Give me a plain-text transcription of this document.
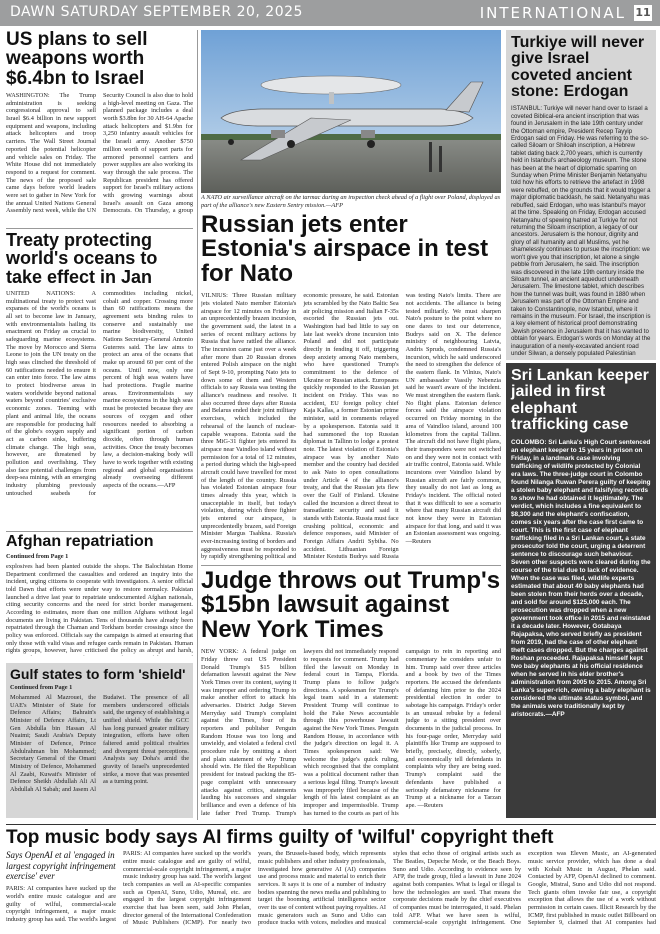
DAWN SATURDAY SEPTEMBER 20, 2025	INTERNATIONAL 11
US plans to sell weapons worth $6.4bn to Israel
WASHINGTON: The Trump administration is seeking congressional approval to sell Israel $6.4 billion in new support equipment and weapons, including attack helicopters and troop carriers. The Wall Street Journal reported the potential helicopter and vehicle sales on Friday. The White House did not immediately respond to a request for comment. The news of the proposed sale came days before world leaders were set to gather in New York for the annual United Nations General Assembly next week, while the UN Security Council is also due to hold a high-level meeting on Gaza. The planned package includes a deal worth $3.8bn for 30 AH-64 Apache attack helicopters and $1.9bn for 3,250 infantry assault vehicles for the Israeli army. Another $750 million worth of support parts for armored personnel carriers and power supplies are also working its way through the sale process. The Republican president has offered support for Israel's military actions with growing warnings about Israel's assault on Gaza among Democrats. On Thursday, a group
Treaty protecting world's oceans to take effect in Jan
UNITED NATIONS: A multinational treaty to protect vast expanses of the world's oceans is all set to become law in January, with environmentalists hailing its enactment on Friday as crucial to safeguarding marine ecosystems. The move by Morocco and Sierra Leone to join the UN treaty on the high seas clinched the threshold of 60 ratifications needed to ensure it can enter into force. The law aims to protect biodiverse areas in waters worldwide beyond national waters beyond countries' exclusive economic zones. Teeming with plant and animal life, the oceans are responsible for producing half of the globe's oxygen supply and act as carbon sinks, buffering climate change. The high seas, however, are threatened by pollution and overfishing. They also face potential challenges from deep-sea mining, with an emerging industry plumbing previously untouched seabeds for commodities including nickel, cobalt and copper. Crossing more than 60 ratifications means the agreement sets binding rules to conserve and sustainably use marine biodiversity, United Nations Secretary-General Antonio Guterres said. The law aims to protect an area of the oceans that make up around 60 per cent of the oceans. Until now, only one percent of high seas waters have had protections. Fragile marine areas. Environmentalists say marine ecosystems in the high seas must be protected because they are sources of oxygen and other resources needed to absorbing a significant portion of carbon dioxide, often through human activities. Once the treaty becomes law, a decision-making body will have to work together with existing regional and global organisations already overseeing different aspects of the oceans.—AFP
Afghan repatriation
Continued from Page 1
explosives had been planted outside the shops. The Balochistan Home Department confirmed the casualties and ordered an inquiry into the incident, urging citizens to cooperate with investigators. A senior official told Dawn that efforts were under way to restore normalcy. Pakistan launched a drive last year to repatriate undocumented Afghan nationals, citing security concerns and the need for strict border management. According to estimates, more than one million Afghans without legal documents are living in Pakistan. Tens of thousands have already been repatriated through the Chaman and Torkham border crossings since the policy was enforced. Officials say the campaign is aimed at ensuring that only those with valid visas and refugee cards remain in Pakistan. Human rights groups, however, have criticised the policy as abrupt and harsh,
Gulf states to form 'shield'
Continued from Page 1
Mohammed Al Mazrouei, the UAE's Minister of State for Defence Affairs; Bahrain's Minister of Defence Affairs, Lt Gen Abdulla bin Hassan Al Nuaimi; Saudi Arabia's Deputy Minister of Defence, Prince Abdulrahman bin Mohammed; Secretary General of the Omani Ministry of Defence, Mohammed Al Zaabi, Kuwait's Minister of Defence Sheikh Abdullah Ali Al Abdullah Al Sabah; and Jasem Al Budaiwi. The presence of all members underscored officials said, the urgency of establishing a unified shield. While the GCC has long pursued greater military integration, efforts have often faltered amid political rivalries and divergent threat perceptions. Analysts say Doha's amid the gravity of Israel's unprecedented strike, a move that was presented as a turning point.
A NATO air surveillance aircraft on the tarmac during an inspection check ahead of a flight over Poland, displayed as part of the alliance's new Eastern Sentry mission.—AFP
Russian jets enter Estonia's airspace in test for Nato
VILNIUS: Three Russian military jets violated Nato member Estonia's airspace for 12 minutes on Friday in an unprecedentedly brazen incursion, the government said, the latest in a series of recent military actions by Russia that have rattled the alliance. The incursion came just over a week after more than 20 Russian drones entered Polish airspace on the night of Sept 9-10, prompting Nato jets to down some of them and Western officials to say Russia was testing the alliance's readiness and resolve. It also occurred three days after Russia and Belarus ended their joint military exercises, which included the rehearsal of the launch of nuclear-capable weapons. Estonia said the three MiG-31 fighter jets entered its airspace near Vaindloo island without permission for a total of 12 minutes, a period during which the high-speed aircraft could have travelled for most of the length of the country. Russia has violated Estonian airspace four times already this year, which is unacceptable in itself, but today's violation, during which three fighter jets entered our airspace, is unprecedentedly brazen, said Foreign Minister Margus Tsahkna. Russia's ever-increasing testing of borders and aggressiveness must be responded to by rapidly strengthening political and economic pressure, he said. Estonian jets scrambled by the Nato Baltic Sea air policing mission and Italian F-35s escorted the Russian jets out. Washington had bad little to say on late last week's drone incursion into Poland and did not participate directly in fending it off, triggering deep anxiety among Nato members, who have questioned Trump's commitment to the defence of Ukraine or Russian attack. Europeans quickly responded to the Russian jet incident on Friday. This was no accident, EU foreign policy chief Kaja Kallas, a former Estonian prime minister, said in comments relayed by a spokesperson. Estonia said it had summoned the top Russian diplomat in Tallinn to lodge a protest note. The latest violation of Estonia's airspace was by another Nato member and the country had decided to ask Nato to open consultations under Article 4 of the alliance's treaty, and that the Russian jets flew over the Gulf of Finland. Ukraine called the incursion a direct threat to transatlantic security and said it stands with Estonia. Russia must face crushing political, economic and defence responses, said Minister of Foreign Affairs Andrii Sybiha. No accident. Lithuanian Foreign Minister Kestutis Budrys said Russia was testing Nato's limits. There are not accidents. The alliance is being tested militarily. We must sharpen Nato's posture to the point where no one dares to test our deterrence, Budrys said on X. The defence ministry of neighbouring Latvia, Andris Spruds, condemned Russia's incursion, which he said underscored the need to strengthen the defence of the eastern flank. In Vilnius, Nato's UN ambassador Vassily Nebenzia said he wasn't aware of the incident. We must strengthen the eastern flank. No flight plans. Estonian defence forces said the airspace violation occurred on Friday morning in the area of Vaindloo island, around 100 kilometres from the capital Tallinn. The aircraft did not have flight plans, their transponders were not switched on and they were not in contact with air traffic control, Estonia said. While incursions over Vaindloo Island by Russian aircraft are fairly common, they usually do not last as long as Friday's incident. The official noted that it was difficult to see a scenario where that many Russian aircraft did not know they were in Estonian airspace for that long, and said it was an Estonian assessment was ongoing.—Reuters
Judge throws out Trump's $15bn lawsuit against New York Times
NEW YORK: A federal judge on Friday threw out US President Donald Trump's $15 billion defamation lawsuit against the New York Times over its content, saying it was improper and ordering Trump to make another effort to attack his adversaries. District Judge Steven Merryday said Trump's complaint against the Times, four of its reporters and publisher Penguin Random House was too long and unwieldy, and violated a federal civil procedure rule by omitting a short and plain statement of why Trump should win. He filed the Republican president for instead packing the 85-page complaint with unnecessary attacks against critics, statements lauding his successes and singular brilliance and even a defence of his late father Fred Trump. Trump's lawyers did not immediately respond to requests for comment. Trump had filed the lawsuit on Monday in federal court in Tampa, Florida. Trump plans to follow judge's directions. A spokesman for Trump's legal team said in a statement: President Trump will continue to hold the Fake News accountable through this powerhouse lawsuit against the New York Times. Penguin Random House, in accordance with the judge's direction on legal it. A Times spokesperson said: We welcome the judge's quick ruling, which recognised that the complaint was a political document rather than a serious legal filing. Trump's lawsuit was improperly filed because of the length of his latest complaint as an improper and impermissible. Trump has turned to the courts as part of his campaign to rein in reporting and commentary he considers unfair to him. Trump said over three articles and a book by two of the Times reporters. He accused the defendants of defaming him prior to the 2024 presidential election in order to sabotage his campaign. Friday's order is an unusual rebuke by a federal judge to a sitting president over documents in the judicial process. In his four-page order, Merryday said plaintiffs like Trump are supposed to briefly, precisely, directly, soberly, and economically tell defendants in complaints why they are being sued. Trump's complaint said the defendants have published a seriously defamatory nickname for Trump at a nickname for a Tarzan ape. —Reuters
Turkiye will never give Israel coveted ancient stone: Erdogan
ISTANBUL: Turkiye will never hand over to Israel a coveted Biblical-era ancient inscription that was found in Jerusalem in the late 19th century under the Ottoman empire, President Recep Tayyip Erdogan said on Friday. He was referring to the so-called Siloam or Shiloah inscription, a Hebrew tablet dating back 2,700 years, which is currently held in Istanbul's archaeology museum. The stone has been at the heart of diplomatic sparring on Sunday when Prime Minister Benjamin Netanyahu told how his efforts to retrieve the artefact in 1998 were rebuffed, on the grounds that it would trigger a major diplomatic backlash, he said. Netanyahu was rebuffed, said Erdogan, who was Istanbul's mayor at the time. Speaking on Friday, Erdogan accused Netanyahu of spewing hatred at Turkiye for not returning the Siloam inscription, a legacy of our ancestors. Jerusalem is the honour, dignity and glory of all humanity and all Muslims, yet he shamelessly continues to pursue the inscription: we won't give you that inscription, let alone a single pebble from Jerusalem, he said. The inscription was discovered in the late 19th century inside the Siloam tunnel, an ancient aqueduct underneath Jerusalem. The limestone tablet, which describes how the tunnel was built, was found in 1880 when Jerusalem was part of the Ottoman Empire and taken to Constantinople, now Istanbul, where it remains in the museum. For Israel, the inscription is a key element of historical proof demonstrating Jewish presence in Jerusalem that it has wanted to obtain for years. Erdogan's words on Monday at the inauguration of a newly-excavated ancient road under Silwan, a densely populated Palestinian
Sri Lankan keeper jailed in first elephant trafficking case
COLOMBO: Sri Lanka's High Court sentenced an elephant keeper to 15 years in prison on Friday, in a landmark case involving trafficking of wildlife protected by Colonial era laws. The three-judge court in Colombo found Nilanga Ruwan Perera guilty of keeping a stolen baby elephant and falsifying records to show he had obtained it legitimately. The verdict, which includes a fine equivalent to $8,300 and the elephant's confiscation, comes six years after the case first came to court. This is the first case of elephant trafficking filed in a Sri Lankan court, a state prosecutor told the court, urging a deterrent sentence to discourage such behaviour. Seven other suspects were cleared during the course of the trial due to lack of evidence. When the case was filed, wildlife experts estimated that about 40 baby elephants had been stolen from their herds over a decade, and sold for around $125,000 each. The prosecution was dropped when a new government took office in 2015 and reinstated it a decade later. However, Gotabaya Rajapaksa, who served briefly as president from 2019, had the case of other elephant theft cases dropped. But the charges against Roshan proceeded. Rajapaksa himself kept two baby elephants at his official residence when he served in his elder brother's administration from 2005 to 2015. Among Sri Lanka's super-rich, owning a baby elephant is considered the ultimate status symbol, and the animals were traditionally kept by aristocrats.—AFP
Top music body says AI firms guilty of 'wilful' copyright theft
Says OpenAI et al 'engaged in largest copyright infringement exercise' ever
PARIS: AI companies have sucked up the world's entire music catalogue and are guilty of wilful, commercial-scale copyright infringement, a major music industry group has said. The world's largest
PARIS: AI companies have sucked up the world's entire music catalogue and are guilty of wilful, commercial-scale copyright infringement, a major music industry group has said. The world's largest tech companies as well as AI-specific companies such as OpenAI, Suno, Udio, Mureal, etc. are engaged in the largest copyright infringement exercise that has been seen, said John Phelan, director general of the International Confederation of Music Publishers (ICMP). For nearly two years, the Brussels-based body, which represents music publishers and other industry professionals, investigated how generative AI (AI) companies use and process music and material to enrich their services. It says it is one of a number of industry bodies spanning the news media and publishing to target the booming artificial intelligence sector over its use of content without paying royalties. AI music generators such as Suno and Udio can produce tracks with voices, melodies and musical styles that echo those of original artists such as The Beatles, Depeche Mode, or the Beach Boys. Suno and Udio. According to evidence seen by AFP, the trade group, filed a lawsuit in June 2024 against both companies. What is legal or illegal is how the technologies are used. That means the corporate decisions made by the chief executives of companies must be interrogated, it said. Phelan told AFP. What we have seen is wilful, commercial-scale copyright infringement. One exception was Eleven Music, an AI-generated music service provider, which has done a deal with Kobalt Music in August, Phelan said. Contacted by AFP, OpenAI declined to comment. Google, Mistral, Suno and Udio did not respond. Tech giants often invoke fair use, a copyright exception that allows the use of a work without permission in certain cases. Illicit Research by the ICMP, first published in music outlet Billboard on September 9, claimed that AI companies had
